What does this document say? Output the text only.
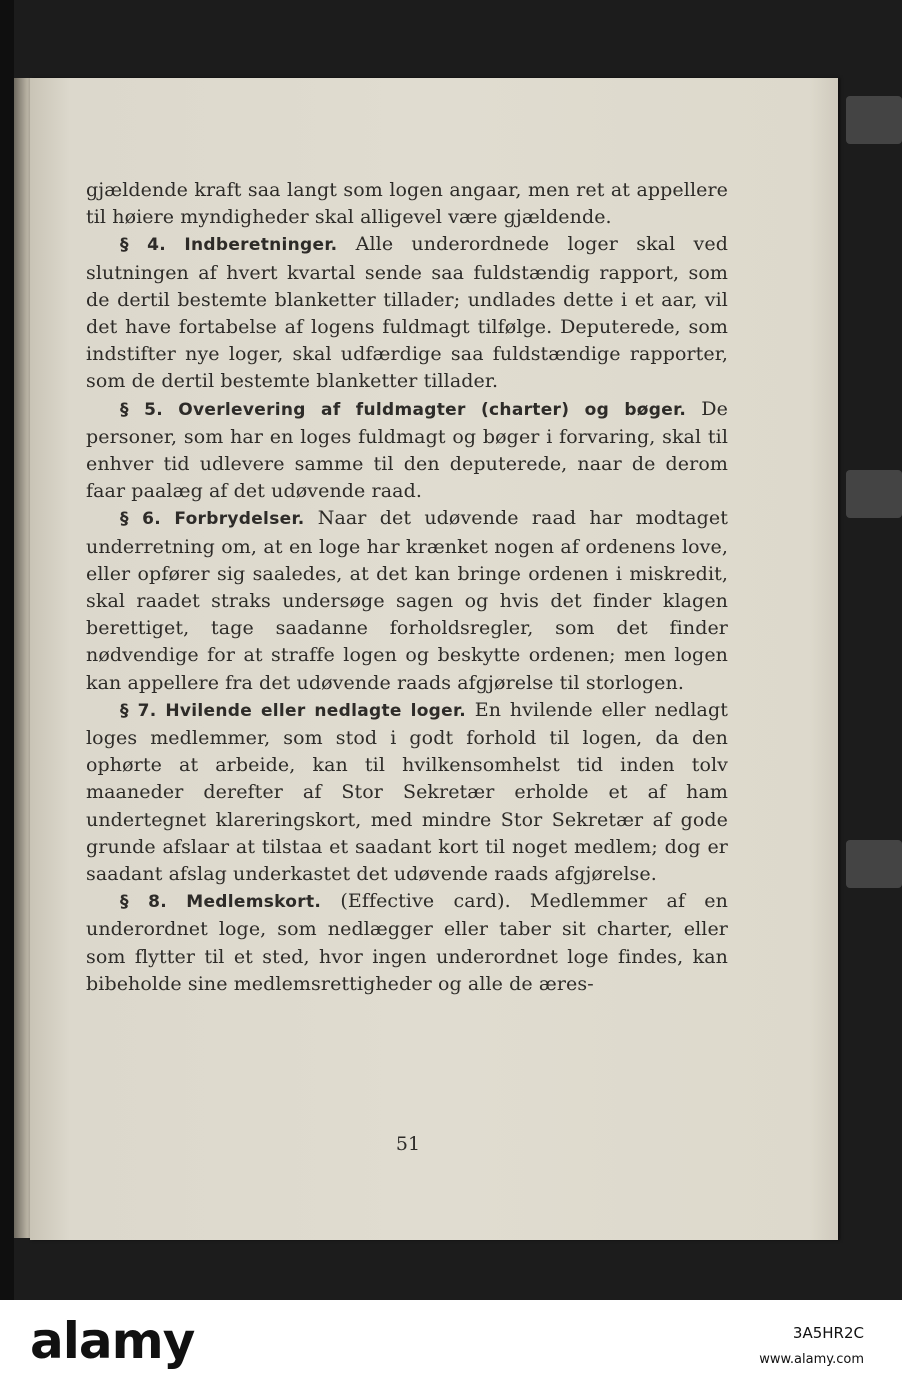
gjældende kraft saa langt som logen angaar, men ret at appellere til høiere myndigheder skal alligevel være gjældende.

§ 4. Indberetninger. Alle underordnede loger skal ved slutningen af hvert kvartal sende saa fuldstændig rapport, som de dertil bestemte blanketter tillader; undlades dette i et aar, vil det have fortabelse af logens fuldmagt tilfølge. Deputerede, som indstifter nye loger, skal udfærdige saa fuldstændige rapporter, som de dertil bestemte blanketter tillader.

§ 5. Overlevering af fuldmagter (charter) og bøger. De personer, som har en loges fuldmagt og bøger i forvaring, skal til enhver tid udlevere samme til den deputerede, naar de derom faar paalæg af det udøvende raad.

§ 6. Forbrydelser. Naar det udøvende raad har modtaget underretning om, at en loge har krænket nogen af ordenens love, eller opfører sig saaledes, at det kan bringe ordenen i miskredit, skal raadet straks undersøge sagen og hvis det finder klagen berettiget, tage saadanne forholdsregler, som det finder nødvendige for at straffe logen og beskytte ordenen; men logen kan appellere fra det udøvende raads afgjørelse til storlogen.

§ 7. Hvilende eller nedlagte loger. En hvilende eller nedlagt loges medlemmer, som stod i godt forhold til logen, da den ophørte at arbeide, kan til hvilkensomhelst tid inden tolv maaneder derefter af Stor Sekretær erholde et af ham undertegnet klareringskort, med mindre Stor Sekretær af gode grunde afslaar at tilstaa et saadant kort til noget medlem; dog er saadant afslag underkastet det udøvende raads afgjørelse.

§ 8. Medlemskort. (Effective card). Medlemmer af en underordnet loge, som nedlægger eller taber sit charter, eller som flytter til et sted, hvor ingen underordnet loge findes, kan bibeholde sine medlemsrettigheder og alle de æres-

51
alamy	3A5HR2C
www.alamy.com
